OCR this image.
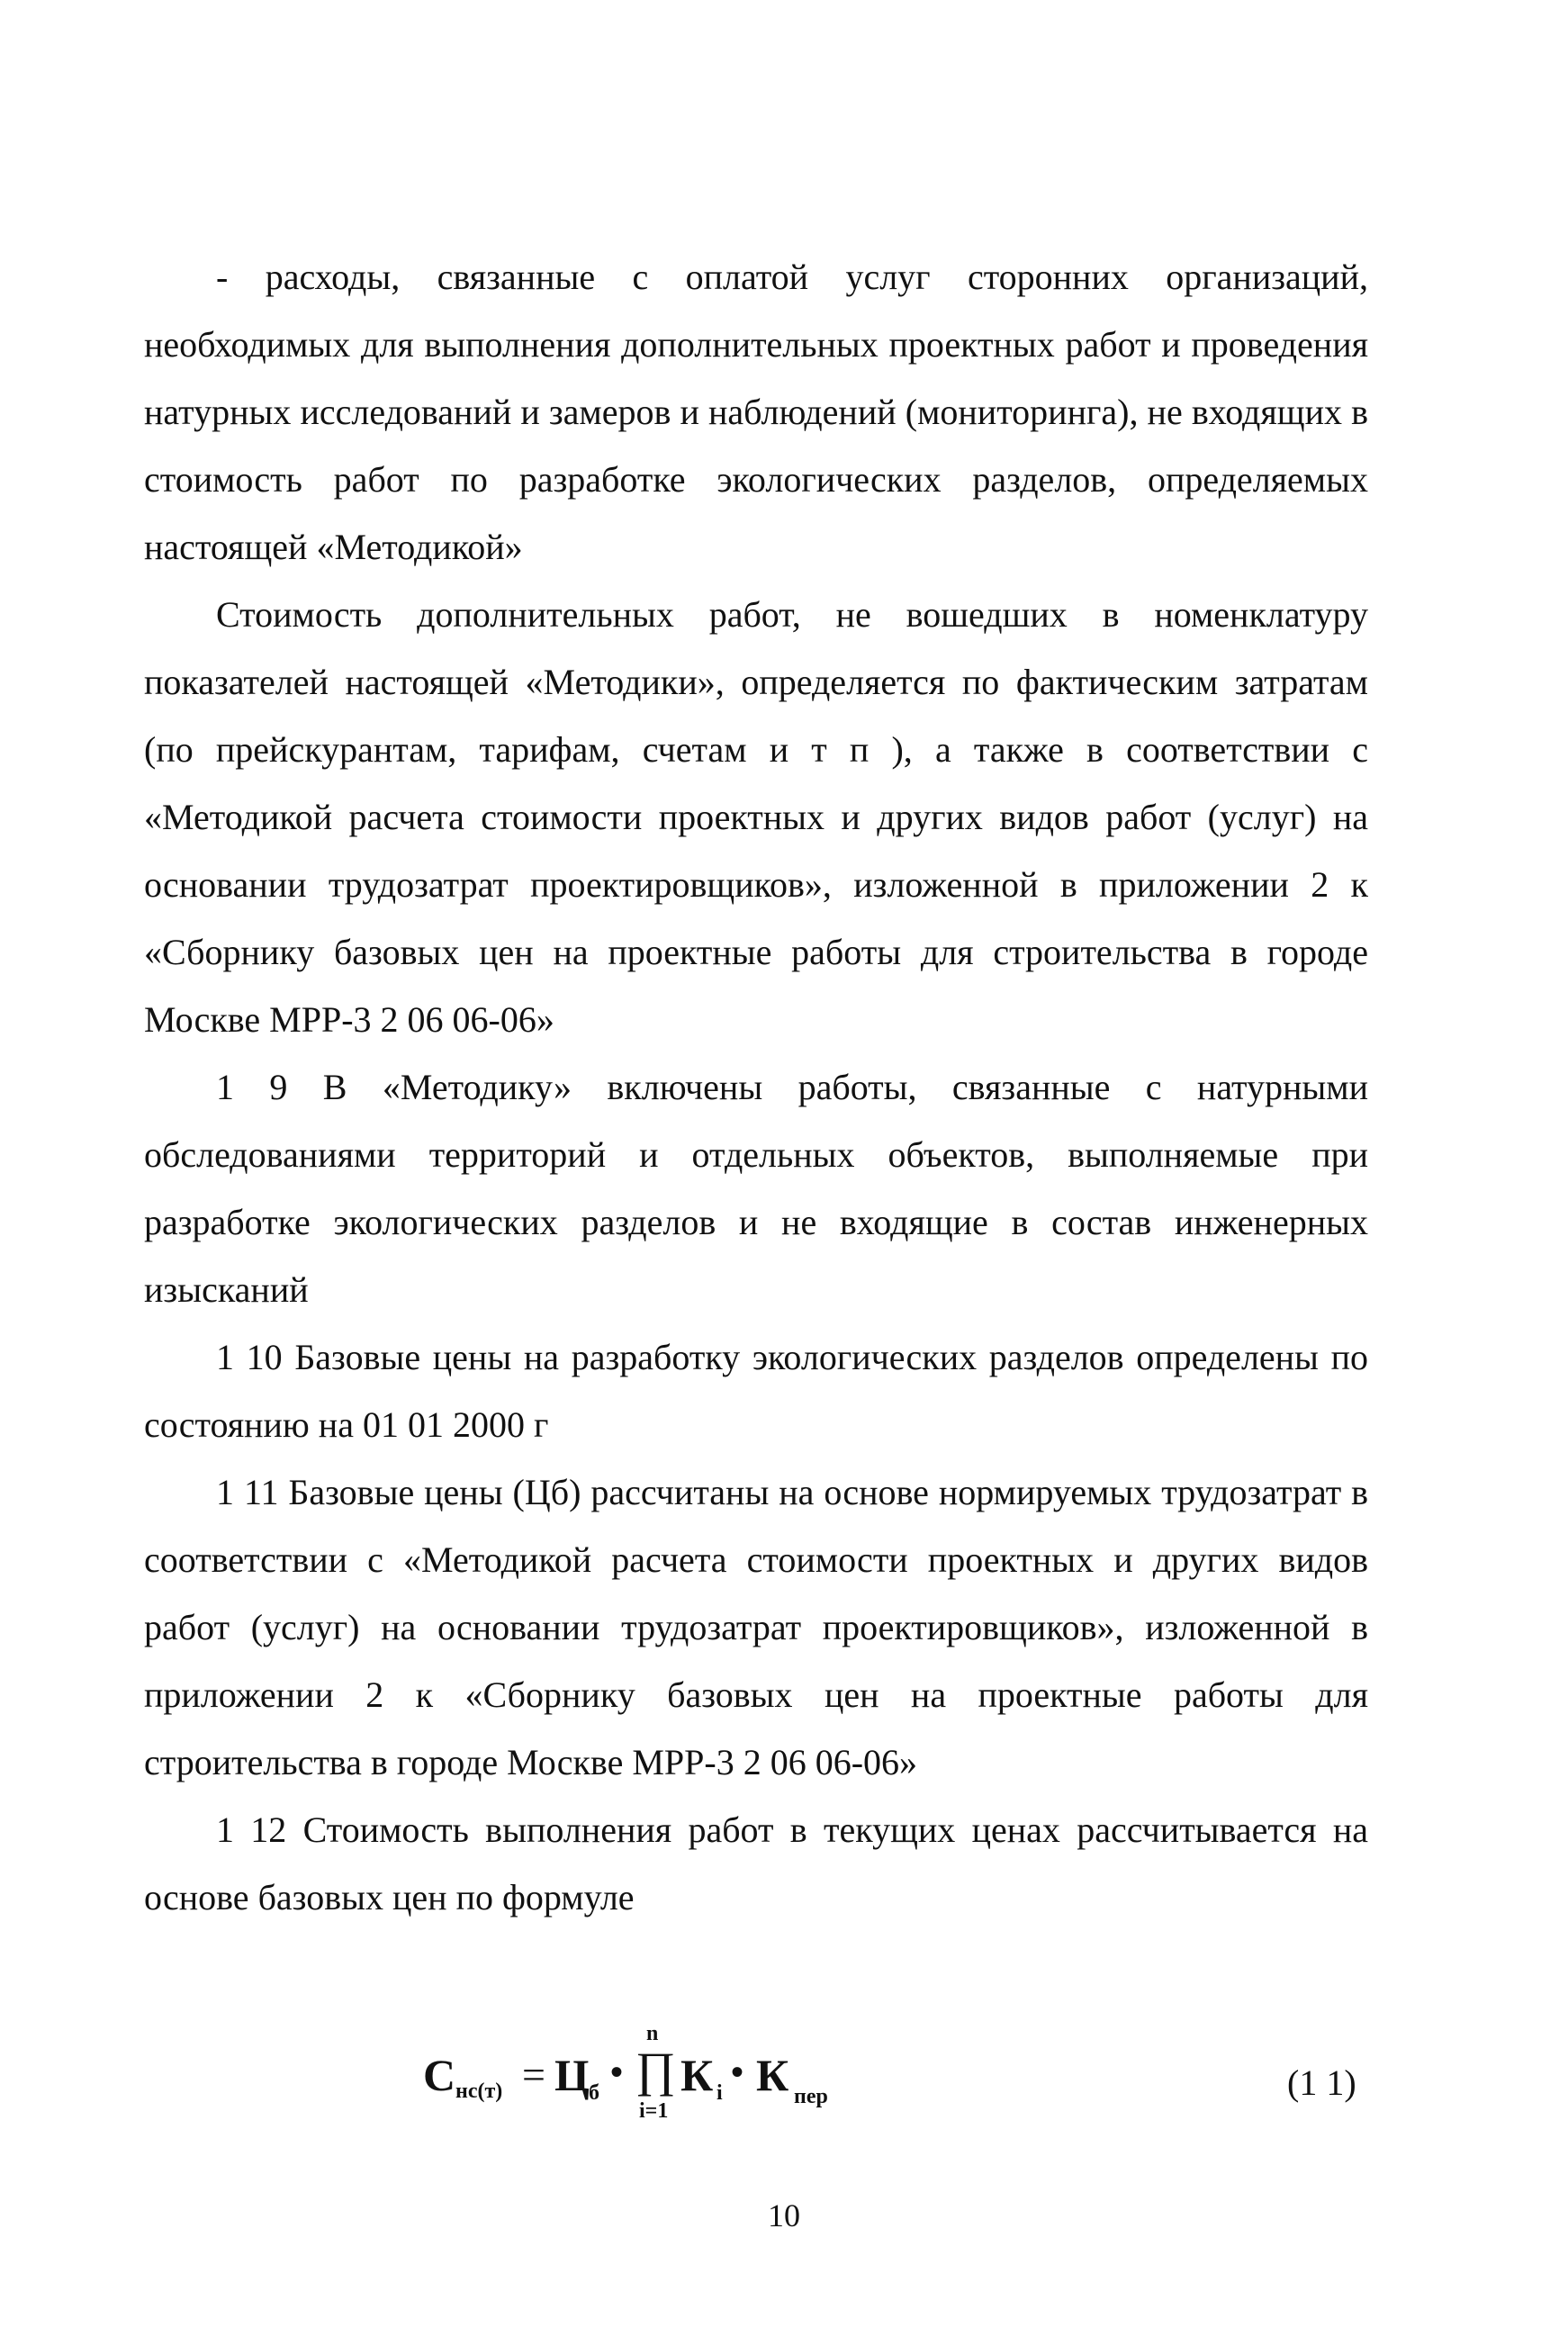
- расходы, связанные с оплатой услуг сторонних организаций, необходимых для выполнения дополнительных проектных работ и проведения натурных исследований и замеров и наблюдений (мониторинга), не входящих в стоимость работ по разработке экологических разделов, определяемых настоящей «Методикой»

Стоимость дополнительных работ, не вошедших в номенклатуру показателей настоящей «Методики», определяется по фактическим затратам (по прейскурантам, тарифам, счетам и т п ), а также в соответствии с «Методикой расчета стоимости проектных и других видов работ (услуг) на основании трудозатрат проектировщиков», изложенной в приложении 2 к «Сборнику базовых цен на проектные работы для строительства в городе Москве МРР-3 2 06 06-06»

1 9 В «Методику» включены работы, связанные с натурными обследованиями территорий и отдельных объектов, выполняемые при разработке экологических разделов и не входящие в состав инженерных изысканий

1 10 Базовые цены на разработку экологических разделов определены по состоянию на 01 01 2000 г

1 11 Базовые цены (Цб) рассчитаны на основе нормируемых трудозатрат в соответствии с «Методикой расчета стоимости проектных и других видов работ (услуг) на основании трудозатрат проектировщиков», изложенной в приложении 2 к «Сборнику базовых цен на проектные работы для строительства в городе Москве МРР-3 2 06 06-06»

1 12 Стоимость выполнения работ в текущих ценах рассчитывается на основе базовых цен по формуле

С нс(т) = Ц б
•
n
∏
i=1
К i
• К пер	(1 1)
10
